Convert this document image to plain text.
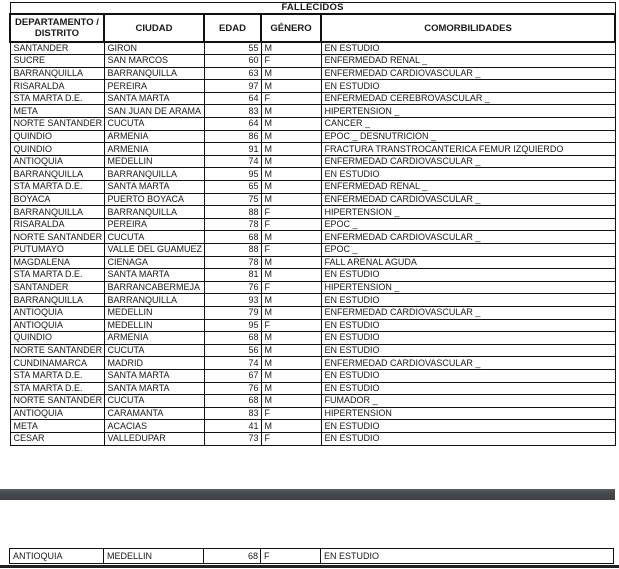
FALLECIDOS				
DEPARTAMENTO / DISTRITO	CIUDAD	EDAD	GÉNERO	COMORBILIDADES
SANTANDER	GIRON	55	M	EN ESTUDIO
SUCRE	SAN MARCOS	60	F	ENFERMEDAD RENAL _
BARRANQUILLA	BARRANQUILLA	63	M	ENFERMEDAD CARDIOVASCULAR _
RISARALDA	PEREIRA	97	M	EN ESTUDIO
STA MARTA D.E.	SANTA MARTA	64	F	ENFERMEDAD CEREBROVASCULAR _
META	SAN JUAN DE ARAMA	83	M	HIPERTENSION _
NORTE SANTANDER	CUCUTA	64	M	CANCER _
QUINDIO	ARMENIA	86	M	EPOC _ DESNUTRICION _
QUINDIO	ARMENIA	91	M	FRACTURA TRANSTROCANTERICA FEMUR IZQUIERDO
ANTIOQUIA	MEDELLIN	74	M	ENFERMEDAD CARDIOVASCULAR _
BARRANQUILLA	BARRANQUILLA	95	M	EN ESTUDIO
STA MARTA D.E.	SANTA MARTA	65	M	ENFERMEDAD RENAL _
BOYACA	PUERTO BOYACA	75	M	ENFERMEDAD CARDIOVASCULAR _
BARRANQUILLA	BARRANQUILLA	88	F	HIPERTENSION _
RISARALDA	PEREIRA	78	F	EPOC _
NORTE SANTANDER	CUCUTA	68	M	ENFERMEDAD CARDIOVASCULAR _
PUTUMAYO	VALLE DEL GUAMUEZ	88	F	EPOC _
MAGDALENA	CIENAGA	78	M	FALL ARENAL AGUDA
STA MARTA D.E.	SANTA MARTA	81	M	EN ESTUDIO
SANTANDER	BARRANCABERMEJA	76	F	HIPERTENSION _
BARRANQUILLA	BARRANQUILLA	93	M	EN ESTUDIO
ANTIOQUIA	MEDELLIN	79	M	ENFERMEDAD CARDIOVASCULAR _
ANTIOQUIA	MEDELLIN	95	F	EN ESTUDIO
QUINDIO	ARMENIA	68	M	EN ESTUDIO
NORTE SANTANDER	CUCUTA	56	M	EN ESTUDIO
CUNDINAMARCA	MADRID	74	M	ENFERMEDAD CARDIOVASCULAR _
STA MARTA D.E.	SANTA MARTA	67	M	EN ESTUDIO
STA MARTA D.E.	SANTA MARTA	76	M	EN ESTUDIO
NORTE SANTANDER	CUCUTA	68	M	FUMADOR _
ANTIOQUIA	CARAMANTA	83	F	HIPERTENSION
META	ACACIAS	41	M	EN ESTUDIO
CESAR	VALLEDUPAR	73	F	EN ESTUDIO
ANTIOQUIA	MEDELLIN	68	F	EN ESTUDIO
